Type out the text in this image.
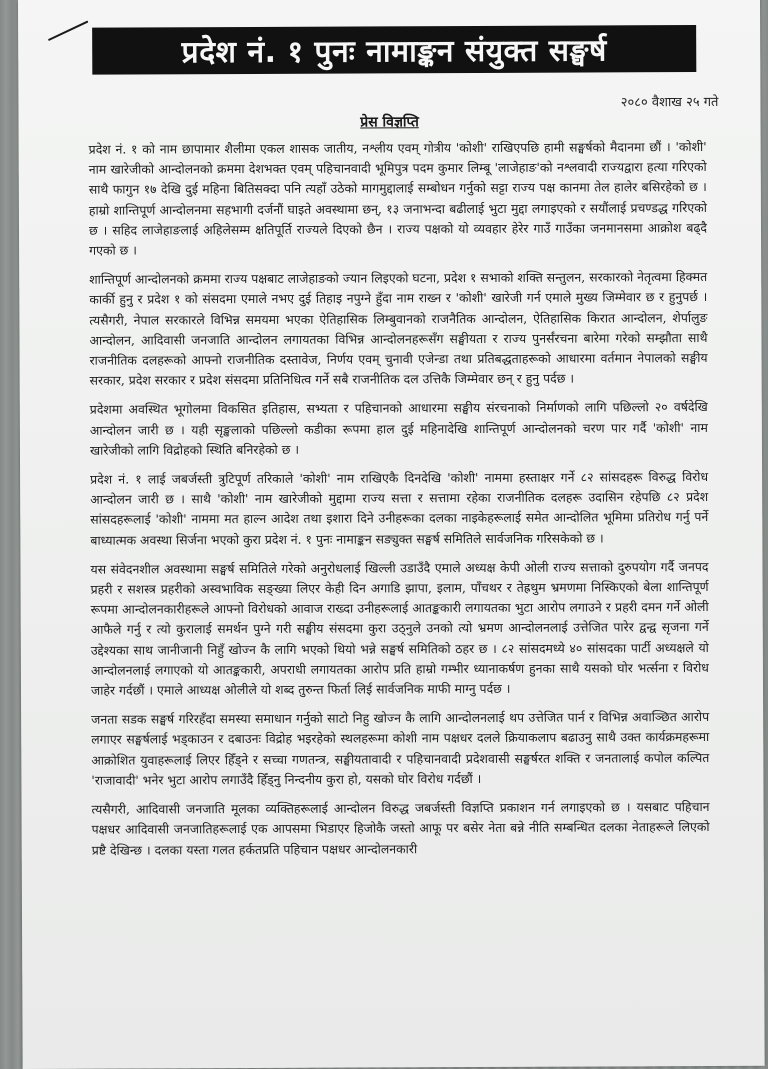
प्रदेश नं. १ पुनः नामाङ्कन संयुक्त सङ्घर्ष
२०८० वैशाख २५ गते
प्रेस विज्ञप्ति

प्रदेश नं. १ को नाम छापामार शैलीमा एकल शासक जातीय, नश्लीय एवम् गोत्रीय 'कोशी' राखिएपछि हामी सङ्घर्षको मैदानमा छौं । 'कोशी' नाम खारेजीको आन्दोलनको क्रममा देशभक्त एवम् पहिचानवादी भूमिपुत्र पदम कुमार लिम्बू 'लाजेहाङ'को नश्लवादी राज्यद्वारा हत्या गरिएको साथै फागुन १७ देखि दुई महिना बितिसक्दा पनि त्यहाँ उठेको मागमुद्दालाई सम्बोधन गर्नुको सट्टा राज्य पक्ष कानमा तेल हालेर बसिरहेको छ । हाम्रो शान्तिपूर्ण आन्दोलनमा सहभागी दर्जनौं घाइते अवस्थामा छन्, १३ जनाभन्दा बढीलाई भुटा मुद्दा लगाइएको र सयौंलाई प्रचण्डद्ध गरिएको छ । सहिद लाजेहाङलाई अहिलेसम्म क्षतिपूर्ति राज्यले दिएको छैन । राज्य पक्षको यो व्यवहार हेरेर गाउँ गाउँका जनमानसमा आक्रोश बढ्दै गएको छ ।

शान्तिपूर्ण आन्दोलनको क्रममा राज्य पक्षबाट लाजेहाङको ज्यान लिइएको घटना, प्रदेश १ सभाको शक्ति सन्तुलन, सरकारको नेतृत्वमा हिक्मत कार्की हुनु र प्रदेश १ को संसदमा एमाले नभए दुई तिहाइ नपुग्ने हुँदा नाम राख्न र 'कोशी' खारेजी गर्न एमाले मुख्य जिम्मेवार छ र हुनुपर्छ । त्यसैगरी, नेपाल सरकारले विभिन्न समयमा भएका ऐतिहासिक लिम्बुवानको राजनैतिक आन्दोलन, ऐतिहासिक किरात आन्दोलन, शेर्पालुङ आन्दोलन, आदिवासी जनजाति आन्दोलन लगायतका विभिन्न आन्दोलनहरूसँग सङ्घीयता र राज्य पुनर्संरचना बारेमा गरेको सम्झौता साथै राजनीतिक दलहरूको आफ्नो राजनीतिक दस्तावेज, निर्णय एवम् चुनावी एजेन्डा तथा प्रतिबद्धताहरूको आधारमा वर्तमान नेपालको सङ्घीय सरकार, प्रदेश सरकार र प्रदेश संसदमा प्रतिनिधित्व गर्ने सबै राजनीतिक दल उत्तिकै जिम्मेवार छन् र हुनु पर्दछ ।

प्रदेशमा अवस्थित भूगोलमा विकसित इतिहास, सभ्यता र पहिचानको आधारमा सङ्घीय संरचनाको निर्माणको लागि पछिल्लो २० वर्षदेखि आन्दोलन जारी छ । यही सृङ्खलाको पछिल्लो कडीका रूपमा हाल दुई महिनादेखि शान्तिपूर्ण आन्दोलनको चरण पार गर्दै 'कोशी' नाम खारेजीको लागि विद्रोहको स्थिति बनिरहेको छ ।

प्रदेश नं. १ लाई जबर्जस्ती त्रुटिपूर्ण तरिकाले 'कोशी' नाम राखिएकै दिनदेखि 'कोशी' नाममा हस्ताक्षर गर्ने ८२ सांसदहरू विरुद्ध विरोध आन्दोलन जारी छ । साथै 'कोशी' नाम खारेजीको मुद्दामा राज्य सत्ता र सत्तामा रहेका राजनीतिक दलहरू उदासिन रहेपछि ८२ प्रदेश सांसदहरूलाई 'कोशी' नाममा मत हाल्न आदेश तथा इशारा दिने उनीहरूका दलका नाइकेहरूलाई समेत आन्दोलित भूमिमा प्रतिरोध गर्नु पर्ने बाध्यात्मक अवस्था सिर्जना भएको कुरा प्रदेश नं. १ पुनः नामाङ्कन सङ्युक्त सङ्घर्ष समितिले सार्वजनिक गरिसकेको छ ।

यस संवेदनशील अवस्थामा सङ्घर्ष समितिले गरेको अनुरोधलाई खिल्ली उडाउँदै एमाले अध्यक्ष केपी ओली राज्य सत्ताको दुरुपयोग गर्दै जनपद प्रहरी र सशस्त्र प्रहरीको अस्वभाविक सङ्ख्या लिएर केही दिन अगाडि झापा, इलाम, पाँचथर र तेह्रथुम भ्रमणमा निस्किएको बेला शान्तिपूर्ण रूपमा आन्दोलनकारीहरूले आफ्नो विरोधको आवाज राख्दा उनीहरूलाई आतङ्ककारी लगायतका भुटा आरोप लगाउने र प्रहरी दमन गर्ने ओली आफैले गर्नु र त्यो कुरालाई समर्थन पुग्ने गरी सङ्घीय संसदमा कुरा उठ्नुले उनको त्यो भ्रमण आन्दोलनलाई उत्तेजित पारेर द्वन्द्व सृजना गर्ने उद्देश्यका साथ जानीजानी निहुँ खोज्न कै लागि भएको थियो भन्ने सङ्घर्ष समितिको ठहर छ । ८२ सांसदमध्ये ४० सांसदका पार्टी अध्यक्षले यो आन्दोलनलाई लगाएको यो आतङ्ककारी, अपराधी लगायतका आरोप प्रति हाम्रो गम्भीर ध्यानाकर्षण हुनका साथै यसको घोर भर्त्सना र विरोध जाहेर गर्दछौं । एमाले आध्यक्ष ओलीले यो शब्द तुरुन्त फिर्ता लिई सार्वजनिक माफी माग्नु पर्दछ ।

जनता सडक सङ्घर्ष गरिरहँदा समस्या समाधान गर्नुको साटो निहु खोज्न कै लागि आन्दोलनलाई थप उत्तेजित पार्न र विभिन्न अवाञ्छित आरोप लगाएर सङ्घर्षलाई भड्काउन र दबाउनः विद्रोह भइरहेको स्थलहरूमा कोशी नाम पक्षधर दलले क्रियाकलाप बढाउनु साथै उक्त कार्यक्रमहरूमा आक्रोशित युवाहरूलाई लिएर हिँड्ने र सच्चा गणतन्त्र, सङ्घीयतावादी र पहिचानवादी प्रदेशवासी सङ्घर्षरत शक्ति र जनतालाई कपोल कल्पित 'राजावादी' भनेर भुटा आरोप लगाउँदै हिँड्नु निन्दनीय कुरा हो, यसको घोर विरोध गर्दछौं ।

त्यसैगरी, आदिवासी जनजाति मूलका व्यक्तिहरूलाई आन्दोलन विरुद्ध जबर्जस्ती विज्ञप्ति प्रकाशन गर्न लगाइएको छ । यसबाट पहिचान पक्षधर आदिवासी जनजातिहरूलाई एक आपसमा भिडाएर हिजोकै जस्तो आफू पर बसेर नेता बन्ने नीति सम्बन्धित दलका नेताहरूले लिएको प्रष्टै देखिन्छ । दलका यस्ता गलत हर्कतप्रति पहिचान पक्षधर आन्दोलनकारी
